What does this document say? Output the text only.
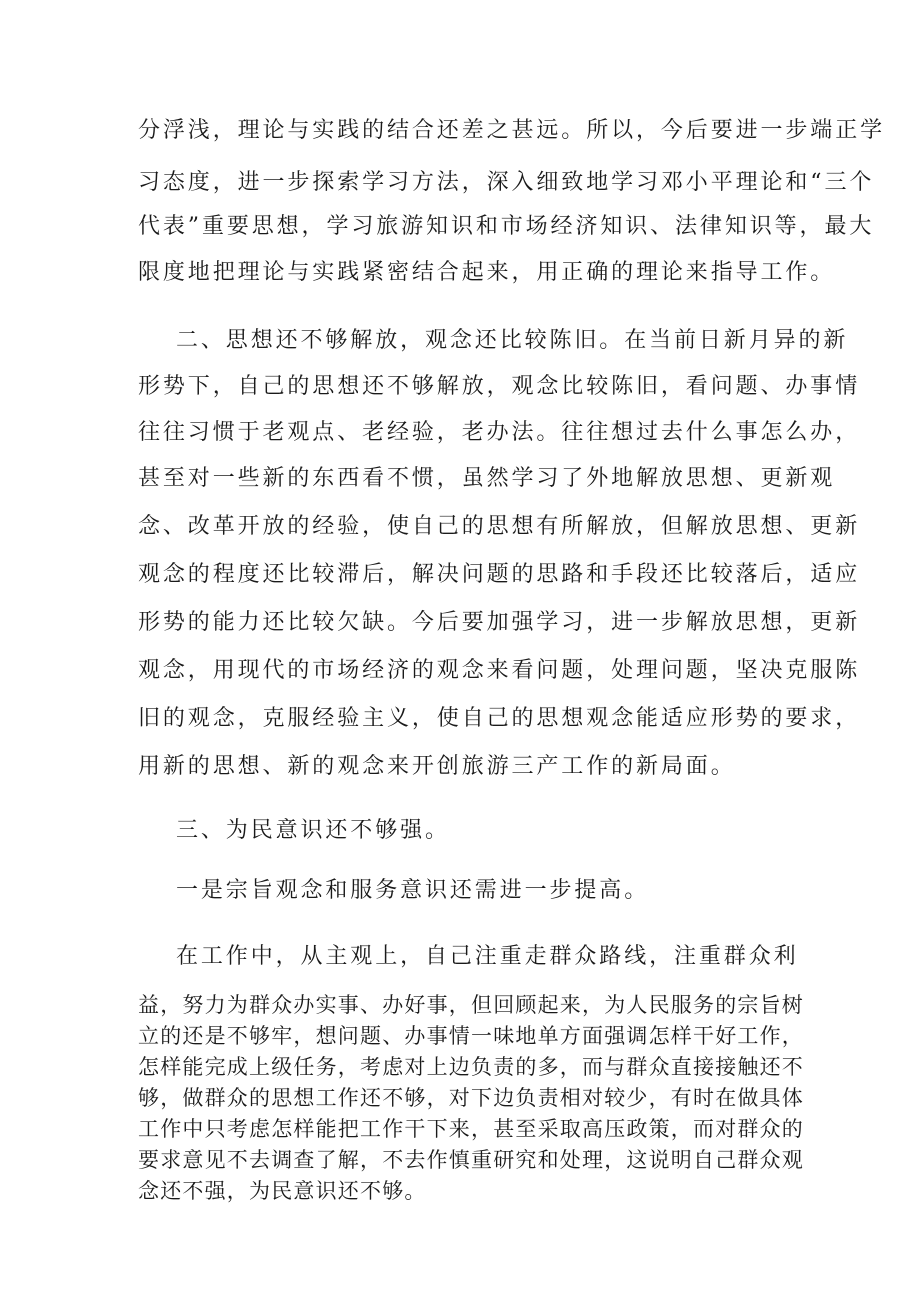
分浮浅，理论与实践的结合还差之甚远。所以，今后要进一步端正学
习态度，进一步探索学习方法，深入细致地学习邓小平理论和“三个
代表”重要思想，学习旅游知识和市场经济知识、法律知识等，最大
限度地把理论与实践紧密结合起来，用正确的理论来指导工作。
二、思想还不够解放，观念还比较陈旧。在当前日新月异的新
形势下，自己的思想还不够解放，观念比较陈旧，看问题、办事情
往往习惯于老观点、老经验，老办法。往往想过去什么事怎么办，
甚至对一些新的东西看不惯，虽然学习了外地解放思想、更新观
念、改革开放的经验，使自己的思想有所解放，但解放思想、更新
观念的程度还比较滞后，解决问题的思路和手段还比较落后，适应
形势的能力还比较欠缺。今后要加强学习，进一步解放思想，更新
观念，用现代的市场经济的观念来看问题，处理问题，坚决克服陈
旧的观念，克服经验主义，使自己的思想观念能适应形势的要求，
用新的思想、新的观念来开创旅游三产工作的新局面。
三、为民意识还不够强。
一是宗旨观念和服务意识还需进一步提高。
在工作中，从主观上，自己注重走群众路线，注重群众利
益，努力为群众办实事、办好事，但回顾起来，为人民服务的宗旨树
立的还是不够牢，想问题、办事情一味地单方面强调怎样干好工作，
怎样能完成上级任务，考虑对上边负责的多，而与群众直接接触还不
够，做群众的思想工作还不够，对下边负责相对较少，有时在做具体
工作中只考虑怎样能把工作干下来，甚至采取高压政策，而对群众的
要求意见不去调查了解，不去作慎重研究和处理，这说明自己群众观
念还不强，为民意识还不够。
